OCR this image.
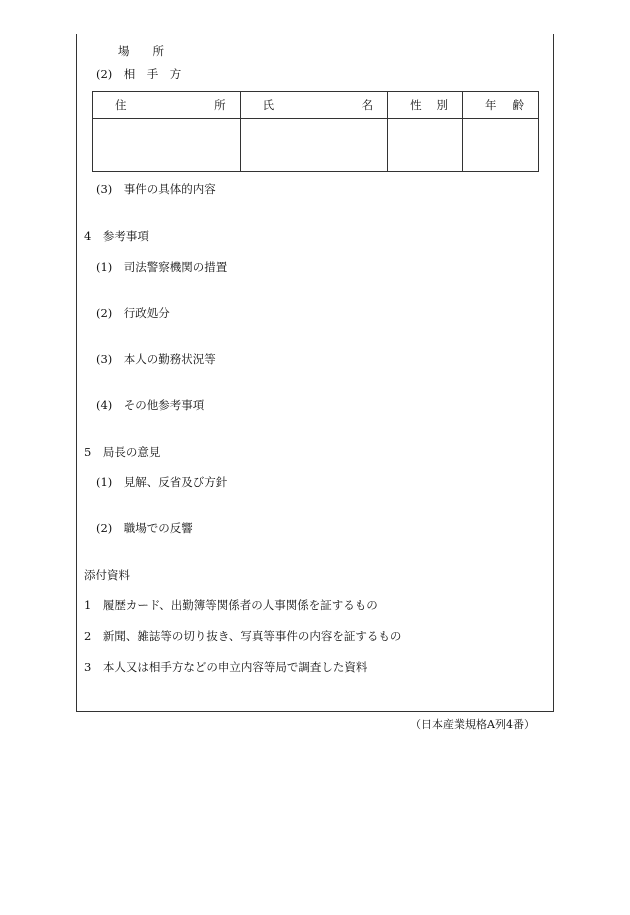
場　　所
(2)　相　手　方
住 所	氏 名	性 別	年 齢

(3)　事件の具体的内容
4　参考事項
(1)　司法警察機関の措置
(2)　行政処分
(3)　本人の勤務状況等
(4)　その他参考事項
5　局長の意見
(1)　見解、反省及び方針
(2)　職場での反響
添付資料
1　履歴カード、出勤簿等関係者の人事関係を証するもの
2　新聞、雑誌等の切り抜き、写真等事件の内容を証するもの
3　本人又は相手方などの申立内容等局で調査した資料
（日本産業規格A列4番）
